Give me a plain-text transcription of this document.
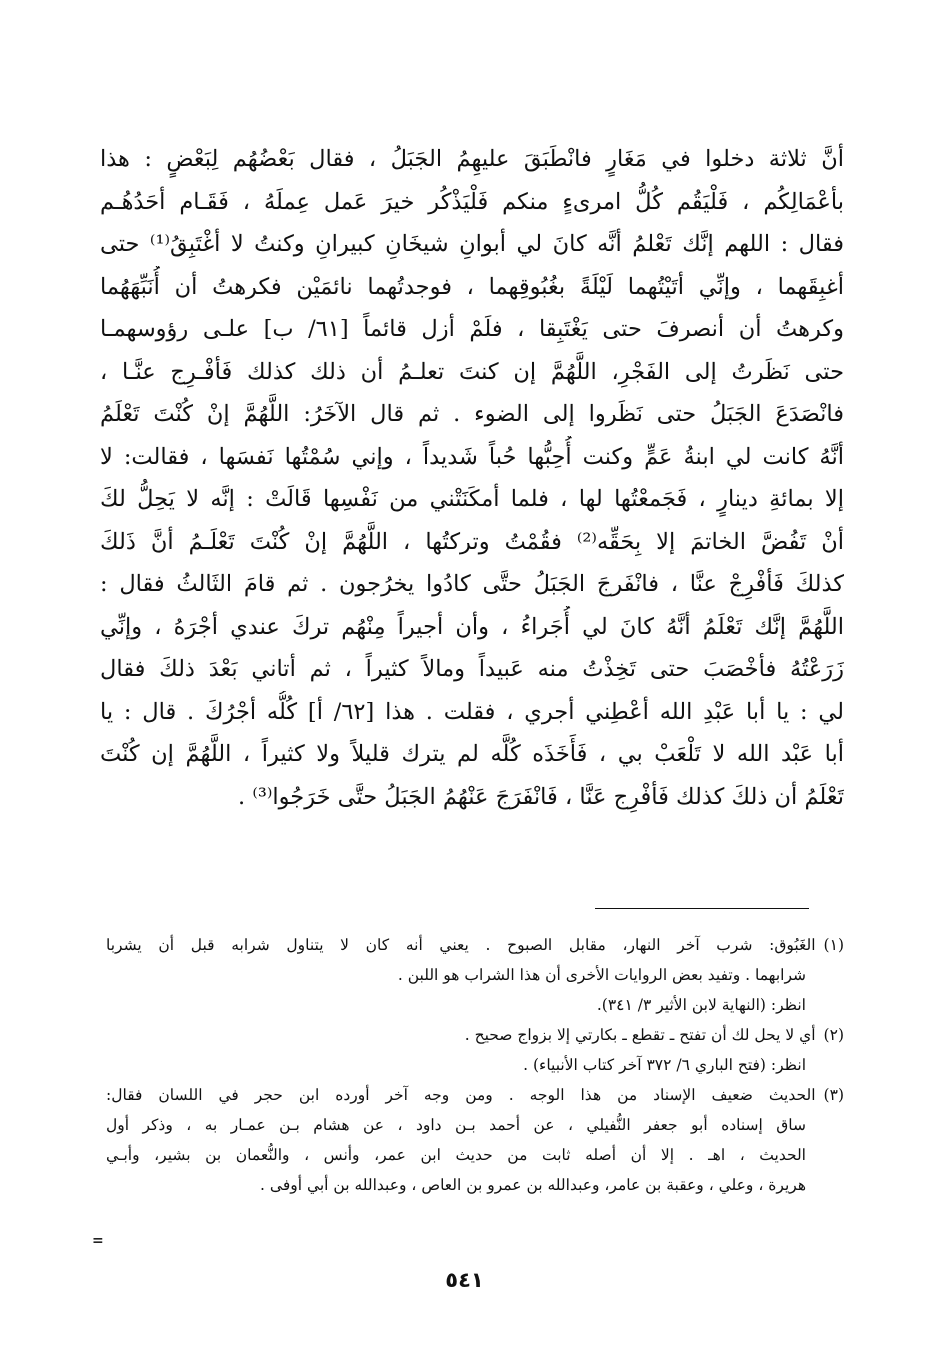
أنَّ ثلاثة دخلوا في مَغَارٍ فانْطَبَقَ عليهِمُ الجَبَلُ ، فقال بَعْضُهُم لِبَعْضٍ : هذا
بأعْمَالِكُم ، فَلْيَقُم كُلُّ امرىءٍ منكم فَلْيَذْكُر خيرَ عَمل عِملَهُ ، فَقَـام أحَدُهُـم
فقال : اللهم إنَّك تَعْلمُ أنَّه كانَ لي أبوانِ شيخَانِ كبيرانِ وكنتُ لا أغْتَبِقُ⁽¹⁾ حتى
أغبِقَهما ، وإنِّي أتَيْتُهما لَيْلَةً بغُبُوقِهما ، فوجدتُهما نائمَيْن فكرهتُ أن أُنَبِّهَهُما
وكرهتُ أن أنصرفَ حتى يَغْتَبِقا ، فلَمْ أزل قائماً [٦١/ ب] علـى رؤوسهمـا
حتى نَظَرتُ إلى الفَجْرِ، اللَّهُمَّ إن كنتَ تعلـمُ أن ذلك كذلك فَأفْـرِج عنَّـا ،
فانْصَدَعَ الجَبَلُ حتى نَظَروا إلى الضوء . ثم قال الآخَرُ: اللَّهُمَّ إنْ كُنْتَ تَعْلَمُ
أنَّهُ كانت لي ابنةُ عَمٍّ وكنت أُحِبُّها حُباً شَديداً ، وإني سُمْتُها نَفسَها ، فقالت: لا
إلا بمائةِ دينارٍ ، فَجَمعْتُها لها ، فلما أمكَنَتْني من نَفْسِها قَالَتْ : إنَّه لا يَحِلُّ لكَ
أنْ تَفُضَّ الخاتمَ إلا بِحَقِّه⁽²⁾ فقُمْتُ وتركتُها ، اللَّهُمَّ إنْ كُنْتَ تَعْلَـمُ أنَّ ذَلكَ
كذلكَ فَأفْرِجْ عنَّا ، فانْفَرجَ الجَبَلُ حتَّى كادُوا يخرُجون . ثم قامَ الثَالثُ فقال :
اللَّهُمَّ إنَّك تَعْلَمُ أنَّهُ كانَ لي أُجَراءُ ، وأن أجيراً مِنْهُم تركَ عندي أجْرَهُ ، وإنِّي
زَرَعْتُهُ فأخْصَبَ حتى تَخِذْتُ منه عَبيداً ومالاً كثيراً ، ثم أتاني بَعْدَ ذلكَ فقال
لي : يا أبا عَبْدِ الله أعْطِني أجري ، فقلت . هذا [٦٢/ أ] كُلُّه أجْرُكَ . قال : يا
أبا عَبْد الله لا تَلْعَبْ بي ، فَأَخَذَه كُلَّه لم يترك قليلاً ولا كثيراً ، اللَّهُمَّ إن كُنْتَ
تَعْلَمُ أن ذلكَ كذلك فَأفْرِج عَنَّا ، فَانْفَرَجَ عَنْهُمُ الجَبَلُ حتَّى خَرَجُوا⁽³⁾ .
(١)الغَبُوق: شرب آخر النهار، مقابل الصبوح . يعني أنه كان لا يتناول شرابه قبل أن يشربا
شرابهما . وتفيد بعض الروايات الأخرى أن هذا الشراب هو اللبن .
انظر: (النهاية لابن الأثير ٣/ ٣٤١).
(٢)أي لا يحل لك أن تفتح ـ تقطع ـ بكارتي إلا بزواج صحيح .
انظر: (فتح الباري ٦/ ٣٧٢ آخر كتاب الأنبياء) .
(٣)الحديث ضعيف الإسناد من هذا الوجه . ومن وجه آخر أورده ابن حجر في اللسان فقال:
ساق إسناده أبو جعفر النُّفيلي ، عن أحمد بـن داود ، عن هشام بـن عمـار به ، وذكر أول
الحديث ، اهـ . إلا أن أصله ثابت من حديث ابن عمر، وأنس ، والنُّعمان بن بشير، وأبـي
هريرة ، وعلي ، وعقبة بن عامر، وعبدالله بن عمرو بن العاص ، وعبدالله بن أبي أوفى .
=
٥٤١
